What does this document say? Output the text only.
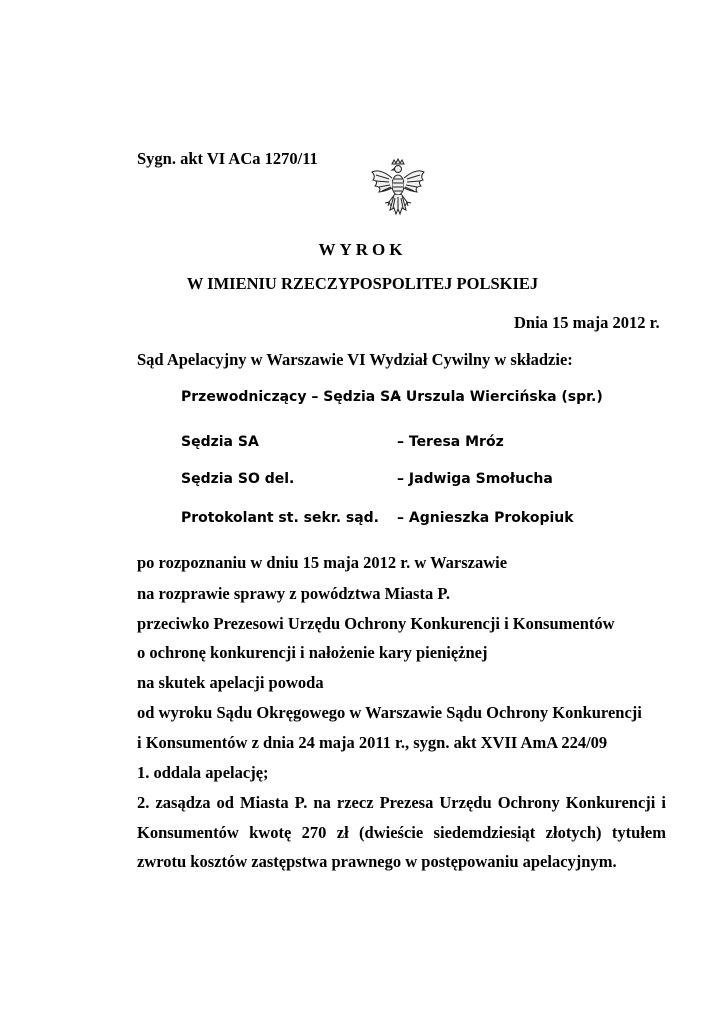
Sygn. akt VI ACa 1270/11
WYROK
W IMIENIU RZECZYPOSPOLITEJ POLSKIEJ
Dnia 15 maja 2012 r.
Sąd Apelacyjny w Warszawie VI Wydział Cywilny w składzie:
Przewodniczący – Sędzia SA
– Urszula Wiercińska (spr.)
Sędzia SA	– Teresa Mróz
Sędzia SO del.	– Jadwiga Smołucha
Protokolant st. sekr. sąd. – Agnieszka Prokopiuk
po rozpoznaniu w dniu 15 maja 2012 r. w Warszawie
na rozprawie sprawy z powództwa Miasta P.
przeciwko Prezesowi Urzędu Ochrony Konkurencji i Konsumentów
o ochronę konkurencji i nałożenie kary pieniężnej
na skutek apelacji powoda
od wyroku Sądu Okręgowego w Warszawie Sądu Ochrony Konkurencji
i Konsumentów z dnia 24 maja 2011 r., sygn. akt XVII AmA 224/09
1. oddala apelację;
2. zasądza od Miasta P. na rzecz Prezesa Urzędu Ochrony Konkurencji i
Konsumentów kwotę 270 zł (dwieście siedemdziesiąt złotych) tytułem
zwrotu kosztów zastępstwa prawnego w postępowaniu apelacyjnym.
